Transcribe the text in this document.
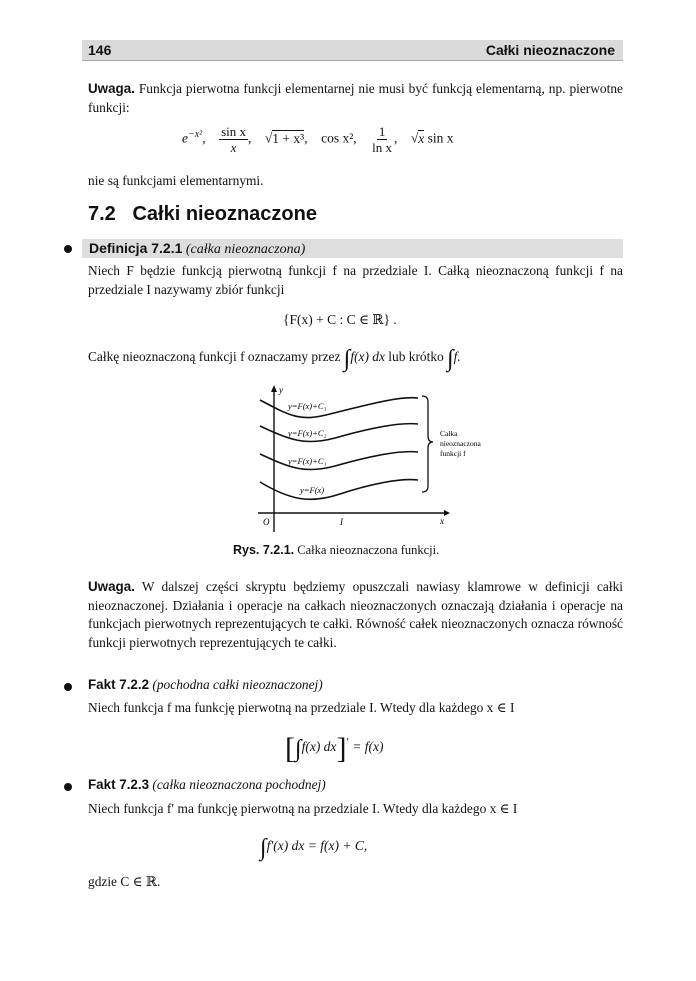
146	Całki nieoznaczone
Uwaga. Funkcja pierwotna funkcji elementarnej nie musi być funkcją elementarną, np. pierwotne funkcji:
$e^{-x^2}$, $\frac{\text{sin x}}{x}$ , √1 + x³, cos x², $\frac{1}{\text{ln x}}$ , √x sin x
nie są funkcjami elementarnymi.
7.2 Całki nieoznaczone
Definicja 7.2.1 (całka nieoznaczona)
Niech F będzie funkcją pierwotną funkcji f na przedziale I. Całką nieoznaczoną funkcji f na przedziale I nazywamy zbiór funkcji
{F(x) + C : C ∈ ℝ} .
Całkę nieoznaczoną funkcji f oznaczamy przez ∫f(x) dx lub krótko ∫f.
y
x
O	I
y=F(x)+C₃
y=F(x)+C₂
y=F(x)+C₁
y=F(x)
Całka
nieoznaczona
funkcji f
Rys. 7.2.1. Całka nieoznaczona funkcji.
Uwaga. W dalszej części skryptu będziemy opuszczali nawiasy klamrowe w definicji całki nieoznaczonej. Działania i operacje na całkach nieoznaczonych oznaczają działania i operacje na funkcjach pierwotnych reprezentujących te całki. Równość całek nieoznaczonych oznacza równość funkcji pierwotnych reprezentujących te całki.
Fakt 7.2.2 (pochodna całki nieoznaczonej)
Niech funkcja f ma funkcję pierwotną na przedziale I. Wtedy dla każdego x ∈ I
[∫f(x) dx]′ = f(x)
Fakt 7.2.3 (całka nieoznaczona pochodnej)
Niech funkcja f′ ma funkcję pierwotną na przedziale I. Wtedy dla każdego x ∈ I
∫f′(x) dx = f(x) + C,
gdzie C ∈ ℝ.
